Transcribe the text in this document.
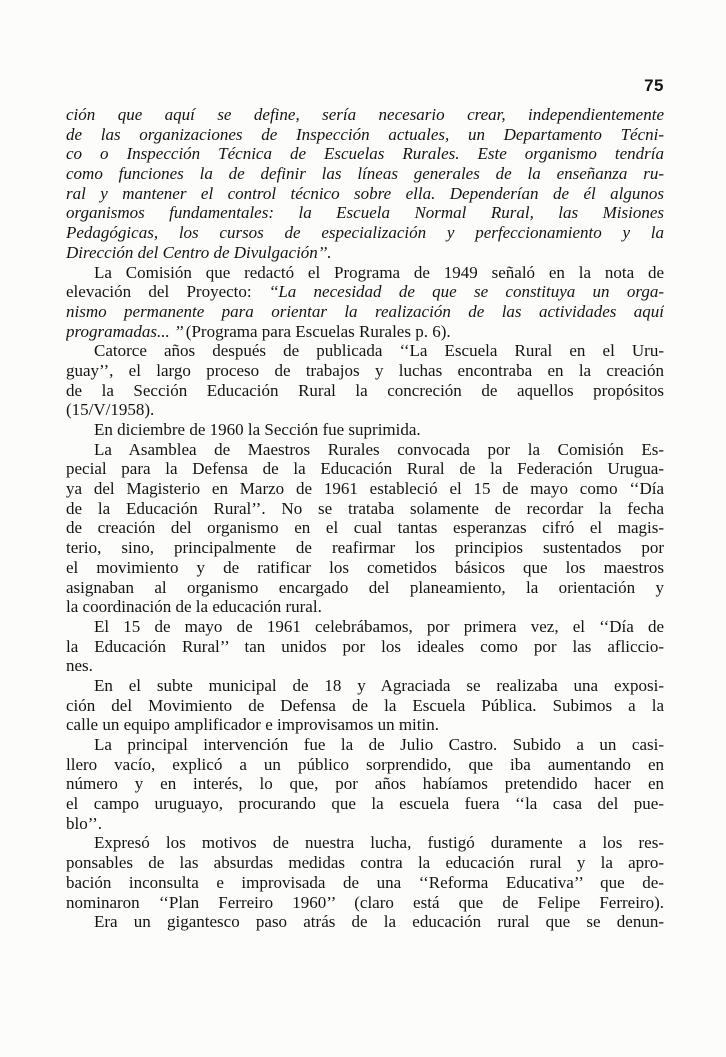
75
ción que aquí se define, sería necesario crear, independientemente
de las organizaciones de Inspección actuales, un Departamento Técni-
co o Inspección Técnica de Escuelas Rurales. Este organismo tendría
como funciones la de definir las líneas generales de la enseñanza ru-
ral y mantener el control técnico sobre ella. Dependerían de él algunos
organismos fundamentales: la Escuela Normal Rural, las Misiones
Pedagógicas, los cursos de especialización y perfeccionamiento y la
Dirección del Centro de Divulgación’’.
La Comisión que redactó el Programa de 1949 señaló en la nota de
elevación del Proyecto: ‘‘La necesidad de que se constituya un orga-
nismo permanente para orientar la realización de las actividades aquí
programadas... ’’ (Programa para Escuelas Rurales p. 6).
Catorce años después de publicada ‘‘La Escuela Rural en el Uru-
guay’’, el largo proceso de trabajos y luchas encontraba en la creación
de la Sección Educación Rural la concreción de aquellos propósitos
(15/V/1958).
En diciembre de 1960 la Sección fue suprimida.
La Asamblea de Maestros Rurales convocada por la Comisión Es-
pecial para la Defensa de la Educación Rural de la Federación Urugua-
ya del Magisterio en Marzo de 1961 estableció el 15 de mayo como ‘‘Día
de la Educación Rural’’. No se trataba solamente de recordar la fecha
de creación del organismo en el cual tantas esperanzas cifró el magis-
terio, sino, principalmente de reafirmar los principios sustentados por
el movimiento y de ratificar los cometidos básicos que los maestros
asignaban al organismo encargado del planeamiento, la orientación y
la coordinación de la educación rural.
El 15 de mayo de 1961 celebrábamos, por primera vez, el ‘‘Día de
la Educación Rural’’ tan unidos por los ideales como por las afliccio-
nes.
En el subte municipal de 18 y Agraciada se realizaba una exposi-
ción del Movimiento de Defensa de la Escuela Pública. Subimos a la
calle un equipo amplificador e improvisamos un mitin.
La principal intervención fue la de Julio Castro. Subido a un casi-
llero vacío, explicó a un público sorprendido, que iba aumentando en
número y en interés, lo que, por años habíamos pretendido hacer en
el campo uruguayo, procurando que la escuela fuera ‘‘la casa del pue-
blo’’.
Expresó los motivos de nuestra lucha, fustigó duramente a los res-
ponsables de las absurdas medidas contra la educación rural y la apro-
bación inconsulta e improvisada de una ‘‘Reforma Educativa’’ que de-
nominaron ‘‘Plan Ferreiro 1960’’ (claro está que de Felipe Ferreiro).
Era un gigantesco paso atrás de la educación rural que se denun-
